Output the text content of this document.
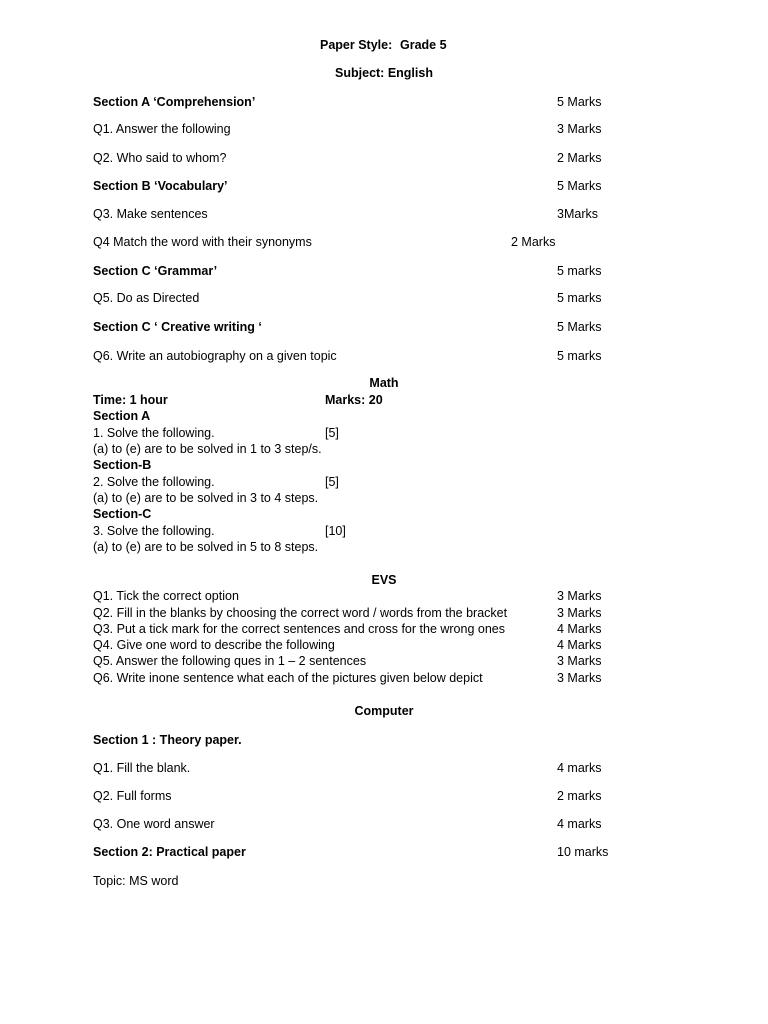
Paper Style: Grade 5
Subject: English
Section A ‘Comprehension’	5 Marks
Q1. Answer the following	3 Marks
Q2. Who said to whom?	2 Marks
Section B ‘Vocabulary’	5 Marks
Q3. Make sentences	3Marks
Q4 Match the word with their synonyms	2 Marks
Section C ‘Grammar’	5 marks
Q5. Do as Directed	5 marks
Section C ‘ Creative writing ‘	5 Marks
Q6. Write an autobiography on a given topic	5 marks
Math
Time: 1 hour	Marks: 20
Section A
1. Solve the following.	[5]
(a) to (e) are to be solved in 1 to 3 step/s.
Section-B
2. Solve the following.	[5]
(a) to (e) are to be solved in 3 to 4 steps.
Section-C
3. Solve the following.	[10]
(a) to (e) are to be solved in 5 to 8 steps.
EVS
Q1. Tick the correct option	3 Marks
Q2. Fill in the blanks by choosing the correct word / words from the bracket	3 Marks
Q3. Put a tick mark for the correct sentences and cross for the wrong ones	4 Marks
Q4. Give one word to describe the following	4 Marks
Q5. Answer the following ques in 1 – 2 sentences	3 Marks
Q6. Write inone sentence what each of the pictures given below depict	3 Marks
Computer
Section 1 : Theory paper.
Q1. Fill the blank.	4 marks
Q2. Full forms	2 marks
Q3. One word answer	4 marks
Section 2: Practical paper	10 marks
Topic: MS word
